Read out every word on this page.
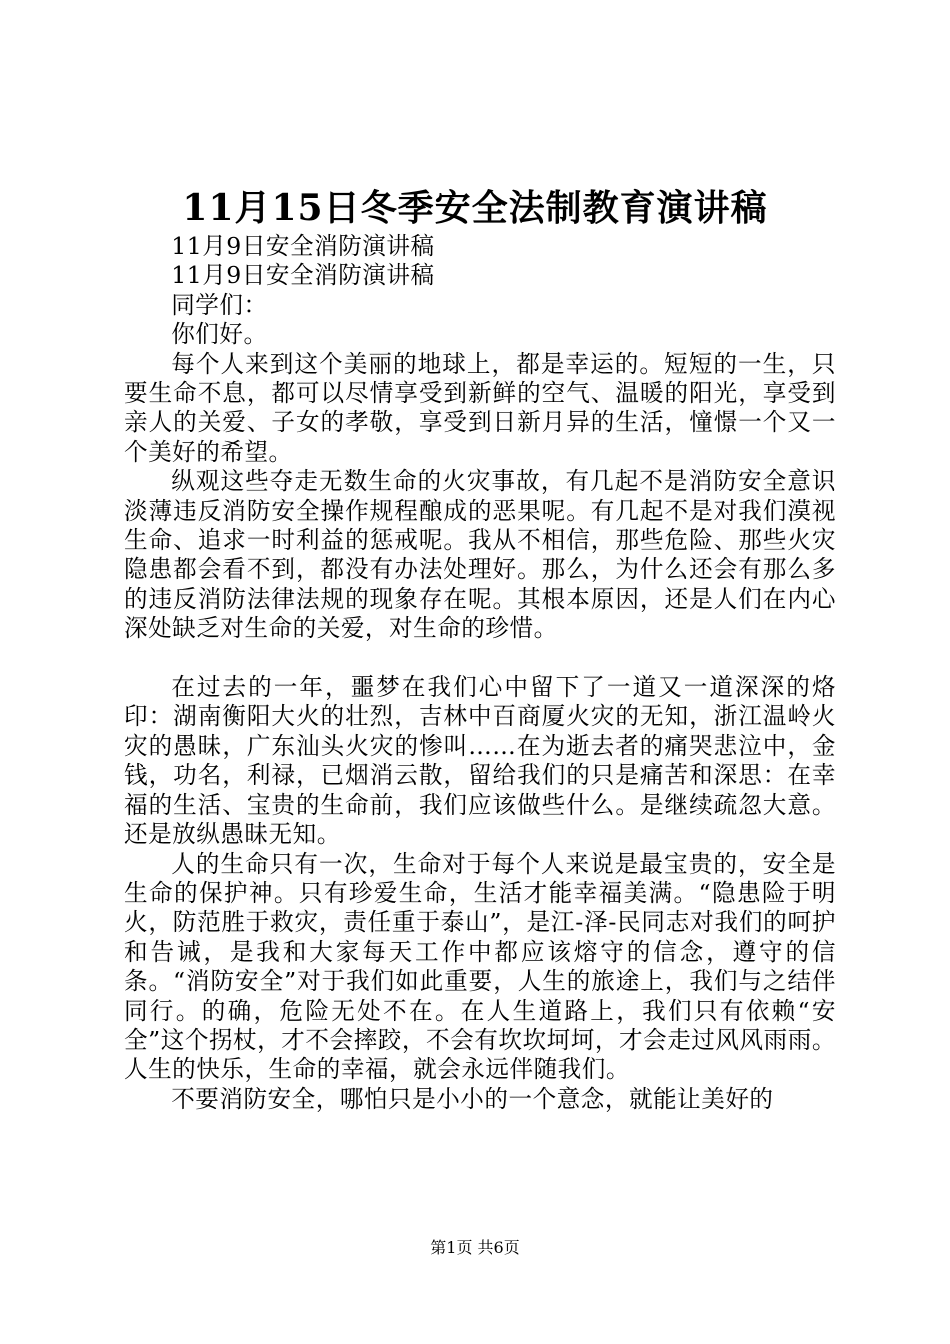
11月15日冬季安全法制教育演讲稿

11月9日安全消防演讲稿

11月9日安全消防演讲稿

同学们：

你们好。

每个人来到这个美丽的地球上，都是幸运的。短短的一生，只要生命不息，都可以尽情享受到新鲜的空气、温暖的阳光，享受到亲人的关爱、子女的孝敬，享受到日新月异的生活，憧憬一个又一个美好的希望。

纵观这些夺走无数生命的火灾事故，有几起不是消防安全意识淡薄违反消防安全操作规程酿成的恶果呢。有几起不是对我们漠视生命、追求一时利益的惩戒呢。我从不相信，那些危险、那些火灾隐患都会看不到，都没有办法处理好。那么，为什么还会有那么多的违反消防法律法规的现象存在呢。其根本原因，还是人们在内心深处缺乏对生命的关爱，对生命的珍惜。

在过去的一年，噩梦在我们心中留下了一道又一道深深的烙印：湖南衡阳大火的壮烈，吉林中百商厦火灾的无知，浙江温岭火灾的愚昧，广东汕头火灾的惨叫……在为逝去者的痛哭悲泣中，金钱，功名，利禄，已烟消云散，留给我们的只是痛苦和深思：在幸福的生活、宝贵的生命前，我们应该做些什么。是继续疏忽大意。还是放纵愚昧无知。

人的生命只有一次，生命对于每个人来说是最宝贵的，安全是生命的保护神。只有珍爱生命，生活才能幸福美满。“隐患险于明火，防范胜于救灾，责任重于泰山”，是江-泽-民同志对我们的呵护和告诫，是我和大家每天工作中都应该熔守的信念，遵守的信条。“消防安全”对于我们如此重要，人生的旅途上，我们与之结伴同行。的确，危险无处不在。在人生道路上，我们只有依赖“安全”这个拐杖，才不会摔跤，不会有坎坎坷坷，才会走过风风雨雨。人生的快乐，生命的幸福，就会永远伴随我们。

不要消防安全，哪怕只是小小的一个意念，就能让美好的

第1页 共6页
